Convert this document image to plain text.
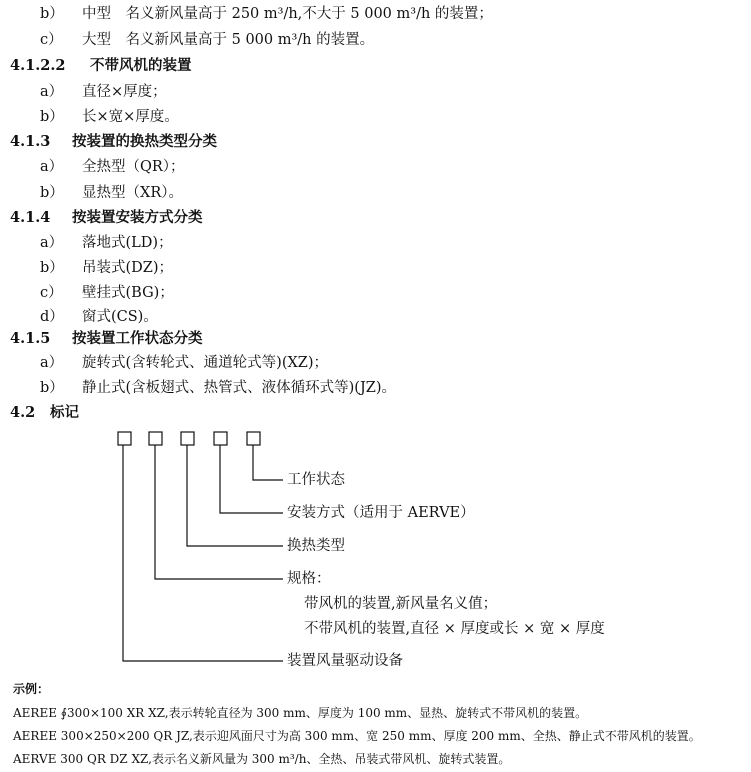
b） 中型　名义新风量高于 250 m³/h,不大于 5 000 m³/h 的装置；
c） 大型　名义新风量高于 5 000 m³/h 的装置。
4.1.2.2 不带风机的装置
a） 直径×厚度；
b） 长×宽×厚度。
4.1.3 按装置的换热类型分类
a） 全热型（QR）；
b） 显热型（XR）。
4.1.4 按装置安装方式分类
a） 落地式(LD)；
b） 吊装式(DZ)；
c） 壁挂式(BG)；
d） 窗式(CS)。
4.1.5 按装置工作状态分类
a） 旋转式(含转轮式、通道轮式等)(XZ)；
b） 静止式(含板翅式、热管式、液体循环式等)(JZ)。
4.2 标记
工作状态
安装方式（适用于 AERVE）
换热类型
规格：
带风机的装置,新风量名义值；
不带风机的装置,直径 × 厚度或长 × 宽 × 厚度
装置风量驱动设备
示例：
AEREE ∮300×100 XR XZ,表示转轮直径为 300 mm、厚度为 100 mm、显热、旋转式不带风机的装置。
AEREE 300×250×200 QR JZ,表示迎风面尺寸为高 300 mm、宽 250 mm、厚度 200 mm、全热、静止式不带风机的装置。
AERVE 300 QR DZ XZ,表示名义新风量为 300 m³/h、全热、吊装式带风机、旋转式装置。
